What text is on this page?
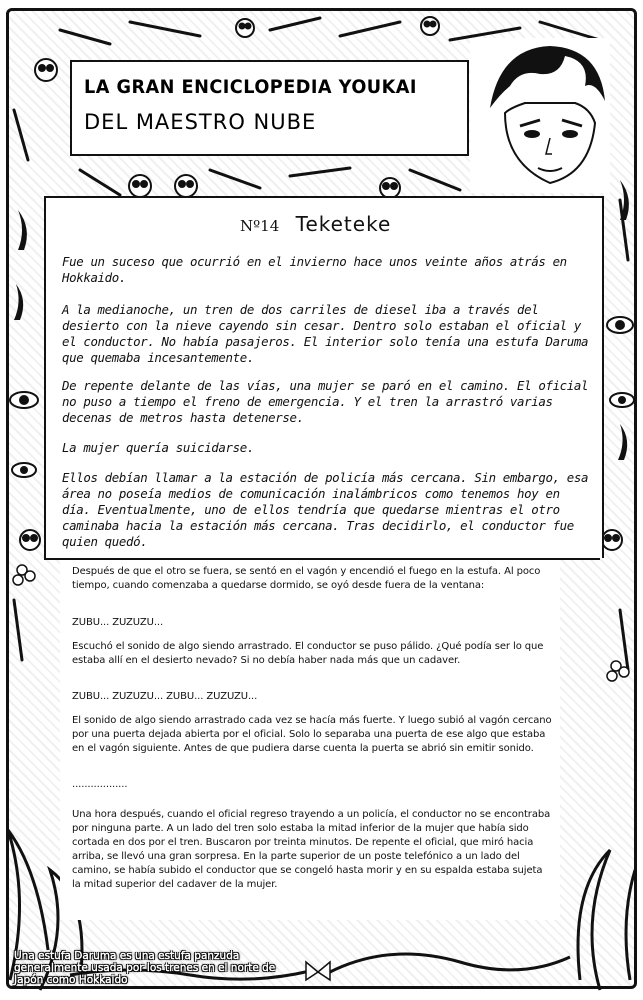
LA GRAN ENCICLOPEDIA YOUKAI
DEL MAESTRO NUBE
Nº14 Teketeke

Fue un suceso que ocurrió en el invierno hace unos veinte años atrás en Hokkaido.

A la medianoche, un tren de dos carriles de diesel iba a través del desierto con la nieve cayendo sin cesar. Dentro solo estaban el oficial y el conductor. No había pasajeros. El interior solo tenía una estufa Daruma que quemaba incesantemente.

De repente delante de las vías, una mujer se paró en el camino. El oficial no puso a tiempo el freno de emergencia. Y el tren la arrastró varias decenas de metros hasta detenerse.

La mujer quería suicidarse.

Ellos debían llamar a la estación de policía más cercana. Sin embargo, esa área no poseía medios de comunicación inalámbricos como tenemos hoy en día. Eventualmente, uno de ellos tendría que quedarse mientras el otro caminaba hacia la estación más cercana. Tras decidirlo, el conductor fue quien quedó.

Después de que el otro se fuera, se sentó en el vagón y encendió el fuego en la estufa. Al poco tiempo, cuando comenzaba a quedarse dormido, se oyó desde fuera de la ventana:

ZUBU... ZUZUZU...

Escuchó el sonido de algo siendo arrastrado. El conductor se puso pálido. ¿Qué podía ser lo que estaba allí en el desierto nevado? Si no debía haber nada más que un cadaver.

ZUBU... ZUZUZU... ZUBU... ZUZUZU...

El sonido de algo siendo arrastrado cada vez se hacía más fuerte. Y luego subió al vagón cercano por una puerta dejada abierta por el oficial. Solo lo separaba una puerta de ese algo que estaba en el vagón siguiente. Antes de que pudiera darse cuenta la puerta se abrió sin emitir sonido.

..................

Una hora después, cuando el oficial regreso trayendo a un policía, el conductor no se encontraba por ninguna parte. A un lado del tren solo estaba la mitad inferior de la mujer que había sido cortada en dos por el tren. Buscaron por treinta minutos. De repente el oficial, que miró hacia arriba, se llevó una gran sorpresa. En la parte superior de un poste telefónico a un lado del camino, se había subido el conductor que se congeló hasta morir y en su espalda estaba sujeta la mitad superior del cadaver de la mujer.

Una estufa Daruma es una estufa panzuda generalmente usada por los trenes en el norte de Japón como Hokkaido
